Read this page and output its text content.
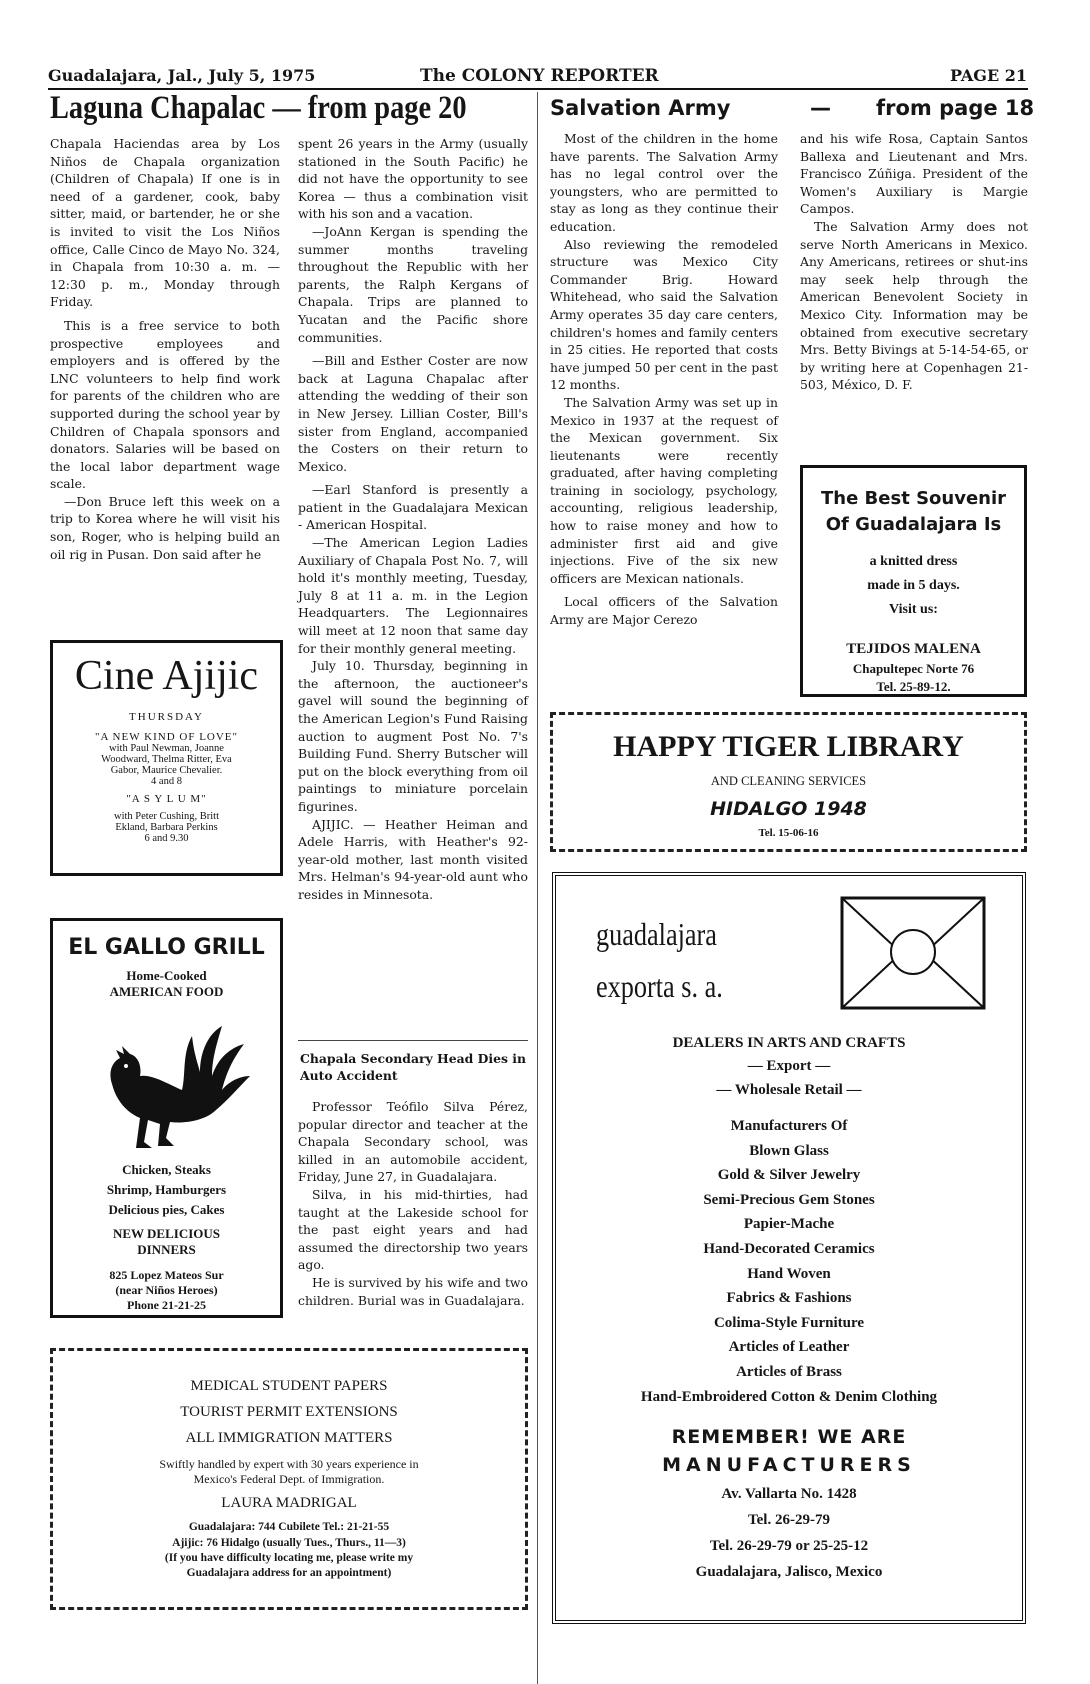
Guadalajara, Jal., July 5, 1975	The COLONY REPORTER	PAGE 21
Laguna Chapalac — from page 20

Chapala Haciendas area by Los Niños de Chapala organization (Children of Chapala) If one is in need of a gardener, cook, baby sitter, maid, or bartender, he or she is invited to visit the Los Niños office, Calle Cinco de Mayo No. 324, in Chapala from 10:30 a. m. — 12:30 p. m., Monday through Friday.

This is a free service to both prospective employees and employers and is offered by the LNC volunteers to help find work for parents of the children who are supported during the school year by Children of Chapala sponsors and donators. Salaries will be based on the local labor department wage scale.

—Don Bruce left this week on a trip to Korea where he will visit his son, Roger, who is helping build an oil rig in Pusan. Don said after he

spent 26 years in the Army (usually stationed in the South Pacific) he did not have the opportunity to see Korea — thus a combination visit with his son and a vacation.

—JoAnn Kergan is spending the summer months traveling throughout the Republic with her parents, the Ralph Kergans of Chapala. Trips are planned to Yucatan and the Pacific shore communities.

—Bill and Esther Coster are now back at Laguna Chapalac after attending the wedding of their son in New Jersey. Lillian Coster, Bill's sister from England, accompanied the Costers on their return to Mexico.

—Earl Stanford is presently a patient in the Guadalajara Mexican - American Hospital.

—The American Legion Ladies Auxiliary of Chapala Post No. 7, will hold it's monthly meeting, Tuesday, July 8 at 11 a. m. in the Legion Headquarters. The Legionnaires will meet at 12 noon that same day for their monthly general meeting.

July 10. Thursday, beginning in the afternoon, the auctioneer's gavel will sound the beginning of the American Legion's Fund Raising auction to augment Post No. 7's Building Fund. Sherry Butscher will put on the block everything from oil paintings to miniature porcelain figurines.

AJIJIC. — Heather Heiman and Adele Harris, with Heather's 92-year-old mother, last month visited Mrs. Helman's 94-year-old aunt who resides in Minnesota.

Chapala Secondary Head Dies in Auto Accident

Professor Teófilo Silva Pérez, popular director and teacher at the Chapala Secondary school, was killed in an automobile accident, Friday, June 27, in Guadalajara.

Silva, in his mid-thirties, had taught at the Lakeside school for the past eight years and had assumed the directorship two years ago.

He is survived by his wife and two children. Burial was in Guadalajara.

Cine Ajijic
THURSDAY
"A NEW KIND OF LOVE"
with Paul Newman, Joanne
Woodward, Thelma Ritter, Eva
Gabor, Maurice Chevalier.
4 and 8
"A S Y L U M"
with Peter Cushing, Britt
Ekland, Barbara Perkins
6 and 9.30
EL GALLO GRILL
Home-Cooked
AMERICAN FOOD
Chicken, Steaks
Shrimp, Hamburgers
Delicious pies, Cakes
NEW DELICIOUS
DINNERS
825 Lopez Mateos Sur
(near Niños Heroes)
Phone 21-21-25
MEDICAL STUDENT PAPERS
TOURIST PERMIT EXTENSIONS
ALL IMMIGRATION MATTERS
Swiftly handled by expert with 30 years experience in
Mexico's Federal Dept. of Immigration.
LAURA MADRIGAL
Guadalajara: 744 Cubilete Tel.: 21-21-55
Ajijic: 76 Hidalgo (usually Tues., Thurs., 11—3)
(If you have difficulty locating me, please write my
Guadalajara address for an appointment)
Salvation Army	— from page 18

Most of the children in the home have parents. The Salvation Army has no legal control over the youngsters, who are permitted to stay as long as they continue their education.

Also reviewing the remodeled structure was Mexico City Commander Brig. Howard Whitehead, who said the Salvation Army operates 35 day care centers, children's homes and family centers in 25 cities. He reported that costs have jumped 50 per cent in the past 12 months.

The Salvation Army was set up in Mexico in 1937 at the request of the Mexican government. Six lieutenants were recently graduated, after having completing training in sociology, psychology, accounting, religious leadership, how to raise money and how to administer first aid and give injections. Five of the six new officers are Mexican nationals.

Local officers of the Salvation Army are Major Cerezo

and his wife Rosa, Captain Santos Ballexa and Lieutenant and Mrs. Francisco Zúñiga. President of the Women's Auxiliary is Margie Campos.

The Salvation Army does not serve North Americans in Mexico. Any Americans, retirees or shut-ins may seek help through the American Benevolent Society in Mexico City. Information may be obtained from executive secretary Mrs. Betty Bivings at 5-14-54-65, or by writing here at Copenhagen 21-503, México, D. F.

The Best Souvenir
Of Guadalajara Is
a knitted dress
made in 5 days.
Visit us:
TEJIDOS MALENA
Chapultepec Norte 76
Tel. 25-89-12.
HAPPY TIGER LIBRARY
AND CLEANING SERVICES
HIDALGO 1948
Tel. 15-06-16
guadalajara
exporta s. a.
DEALERS IN ARTS AND CRAFTS
— Export —
— Wholesale Retail —
Manufacturers Of
Blown Glass
Gold & Silver Jewelry
Semi-Precious Gem Stones
Papier-Mache
Hand-Decorated Ceramics
Hand Woven
Fabrics & Fashions
Colima-Style Furniture
Articles of Leather
Articles of Brass
Hand-Embroidered Cotton & Denim Clothing
REMEMBER! WE ARE
MANUFACTURERS
Av. Vallarta No. 1428
Tel. 26-29-79
Tel. 26-29-79 or 25-25-12
Guadalajara, Jalisco, Mexico
